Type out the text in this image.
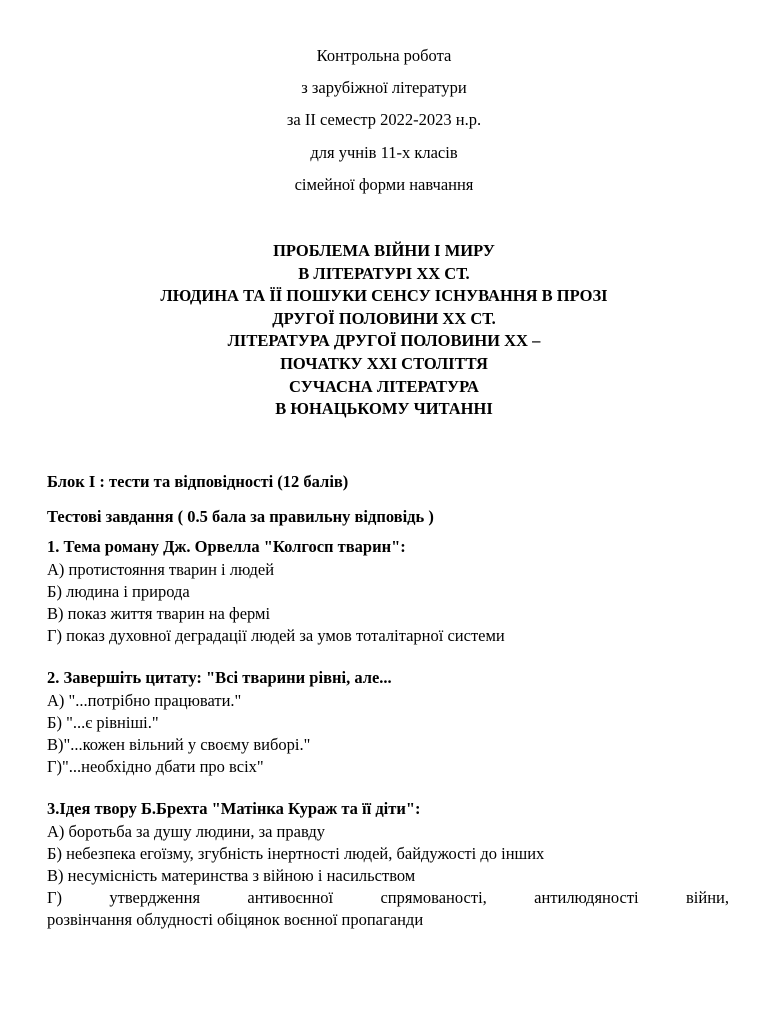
Контрольна робота
з зарубіжної літератури
за ІІ семестр 2022-2023 н.р.
для учнів 11-х класів
сімейної форми навчання
ПРОБЛЕМА ВІЙНИ І МИРУ
В ЛІТЕРАТУРІ ХХ СТ.
ЛЮДИНА ТА ЇЇ ПОШУКИ СЕНСУ ІСНУВАННЯ В ПРОЗІ
ДРУГОЇ ПОЛОВИНИ ХХ СТ.
ЛІТЕРАТУРА ДРУГОЇ ПОЛОВИНИ ХХ –
ПОЧАТКУ ХХІ СТОЛІТТЯ
СУЧАСНА ЛІТЕРАТУРА
В ЮНАЦЬКОМУ ЧИТАННІ
Блок І : тести та відповідності (12 балів)
Тестові завдання ( 0.5 бала за правильну відповідь )
1. Тема роману Дж. Орвелла "Колгосп тварин":
А) протистояння тварин і людей
Б) людина і природа
В) показ життя тварин на фермі
Г) показ духовної деградації людей за умов тоталітарної системи
2. Завершіть цитату: "Всі тварини рівні, але...
А) "...потрібно працювати."
Б) "...є рівніші."
В)"...кожен вільний у своєму виборі."
Г)"...необхідно дбати про всіх"
3.Ідея твору Б.Брехта "Матінка Кураж та її діти":
А) боротьба за душу людини, за правду
Б) небезпека егоїзму, згубність інертності людей, байдужості до інших
В) несумісність материнства з війною і насильством
Г) утвердження антивоєнної спрямованості, антилюдяності війни,
розвінчання облудності обіцянок воєнної пропаганди
